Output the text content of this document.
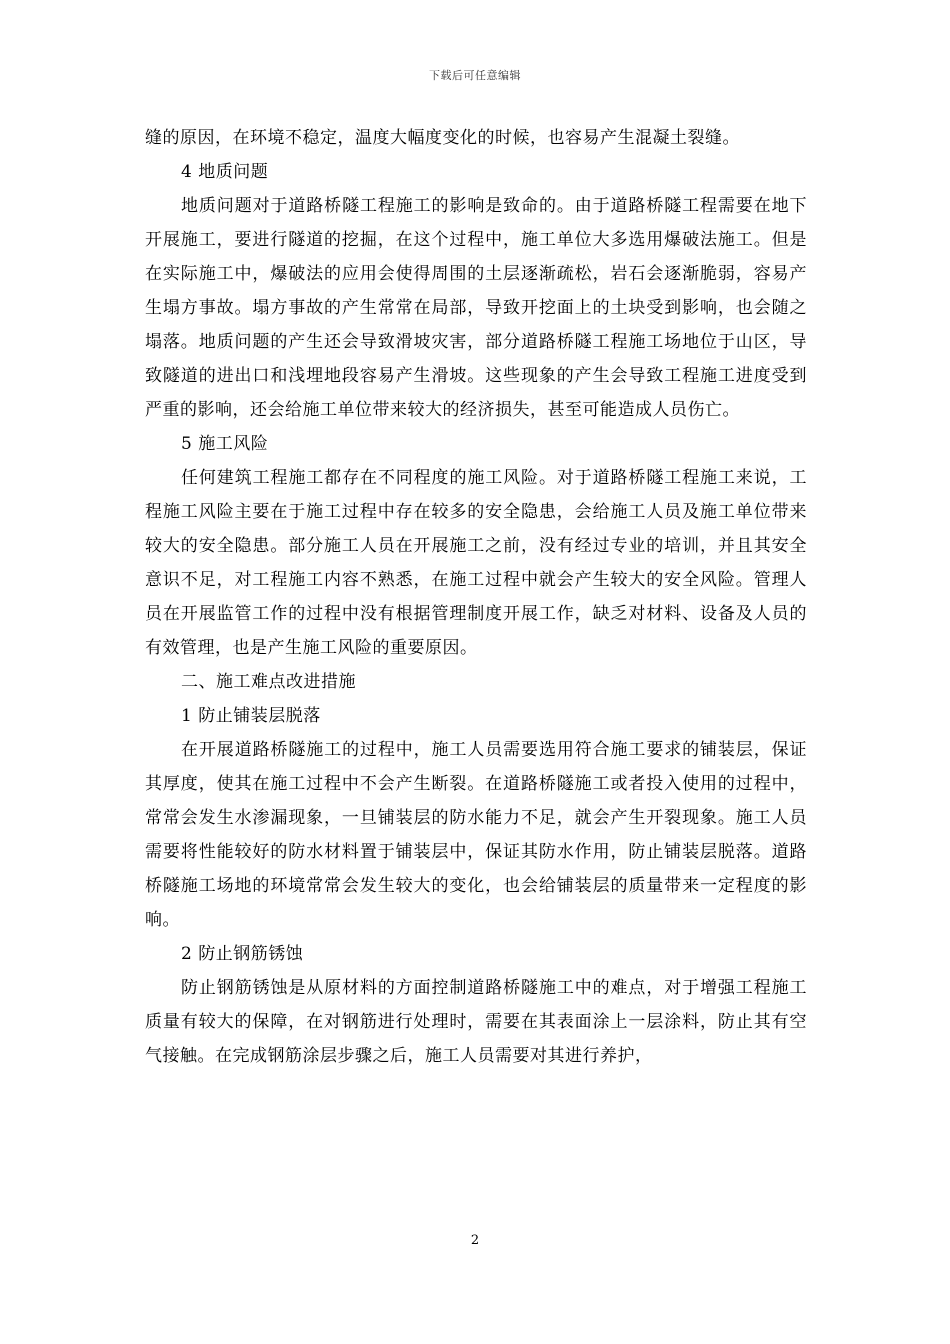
下载后可任意编辑

缝的原因，在环境不稳定，温度大幅度变化的时候，也容易产生混凝土裂缝。

4 地质问题

地质问题对于道路桥隧工程施工的影响是致命的。由于道路桥隧工程需要在地下开展施工，要进行隧道的挖掘，在这个过程中，施工单位大多选用爆破法施工。但是在实际施工中，爆破法的应用会使得周围的土层逐渐疏松，岩石会逐渐脆弱，容易产生塌方事故。塌方事故的产生常常在局部，导致开挖面上的土块受到影响，也会随之塌落。地质问题的产生还会导致滑坡灾害，部分道路桥隧工程施工场地位于山区，导致隧道的进出口和浅埋地段容易产生滑坡。这些现象的产生会导致工程施工进度受到严重的影响，还会给施工单位带来较大的经济损失，甚至可能造成人员伤亡。

5 施工风险

任何建筑工程施工都存在不同程度的施工风险。对于道路桥隧工程施工来说，工程施工风险主要在于施工过程中存在较多的安全隐患，会给施工人员及施工单位带来较大的安全隐患。部分施工人员在开展施工之前，没有经过专业的培训，并且其安全意识不足，对工程施工内容不熟悉，在施工过程中就会产生较大的安全风险。管理人员在开展监管工作的过程中没有根据管理制度开展工作，缺乏对材料、设备及人员的有效管理，也是产生施工风险的重要原因。

二、施工难点改进措施

1 防止铺装层脱落

在开展道路桥隧施工的过程中，施工人员需要选用符合施工要求的铺装层，保证其厚度，使其在施工过程中不会产生断裂。在道路桥隧施工或者投入使用的过程中，常常会发生水渗漏现象，一旦铺装层的防水能力不足，就会产生开裂现象。施工人员需要将性能较好的防水材料置于铺装层中，保证其防水作用，防止铺装层脱落。道路桥隧施工场地的环境常常会发生较大的变化，也会给铺装层的质量带来一定程度的影响。

2 防止钢筋锈蚀

防止钢筋锈蚀是从原材料的方面控制道路桥隧施工中的难点，对于增强工程施工质量有较大的保障，在对钢筋进行处理时，需要在其表面涂上一层涂料，防止其有空气接触。在完成钢筋涂层步骤之后，施工人员需要对其进行养护，

2
